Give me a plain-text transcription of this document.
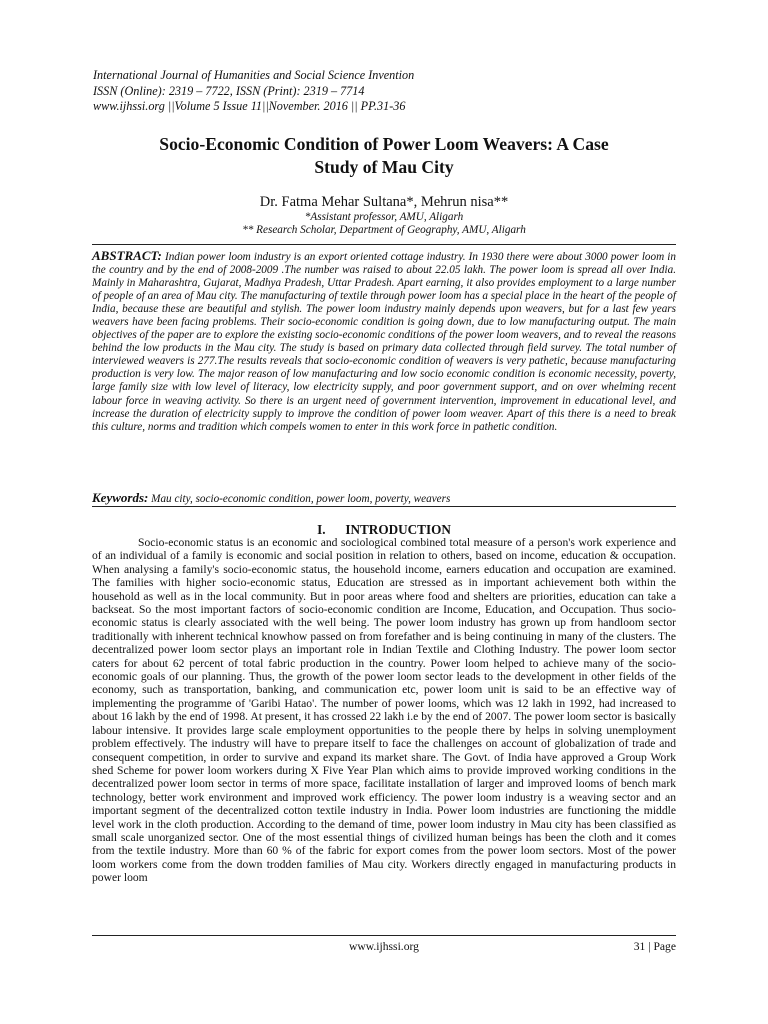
International Journal of Humanities and Social Science Invention
ISSN (Online): 2319 – 7722, ISSN (Print): 2319 – 7714
www.ijhssi.org ||Volume 5 Issue 11||November. 2016 || PP.31-36
Socio-Economic Condition of Power Loom Weavers: A Case
Study of Mau City
Dr. Fatma Mehar Sultana*, Mehrun nisa**
*Assistant professor, AMU, Aligarh
** Research Scholar, Department of Geography, AMU, Aligarh
ABSTRACT: Indian power loom industry is an export oriented cottage industry. In 1930 there were about 3000 power loom in the country and by the end of 2008-2009 .The number was raised to about 22.05 lakh. The power loom is spread all over India. Mainly in Maharashtra, Gujarat, Madhya Pradesh, Uttar Pradesh. Apart earning, it also provides employment to a large number of people of an area of Mau city. The manufacturing of textile through power loom has a special place in the heart of the people of India, because these are beautiful and stylish. The power loom industry mainly depends upon weavers, but for a last few years weavers have been facing problems. Their socio-economic condition is going down, due to low manufacturing output. The main objectives of the paper are to explore the existing socio-economic conditions of the power loom weavers, and to reveal the reasons behind the low products in the Mau city. The study is based on primary data collected through field survey. The total number of interviewed weavers is 277.The results reveals that socio-economic condition of weavers is very pathetic, because manufacturing production is very low. The major reason of low manufacturing and low socio economic condition is economic necessity, poverty, large family size with low level of literacy, low electricity supply, and poor government support, and on over whelming recent labour force in weaving activity. So there is an urgent need of government intervention, improvement in educational level, and increase the duration of electricity supply to improve the condition of power loom weaver. Apart of this there is a need to break this culture, norms and tradition which compels women to enter in this work force in pathetic condition.
Keywords: Mau city, socio-economic condition, power loom, poverty, weavers
I. INTRODUCTION

Socio-economic status is an economic and sociological combined total measure of a person's work experience and of an individual of a family is economic and social position in relation to others, based on income, education & occupation. When analysing a family's socio-economic status, the household income, earners education and occupation are examined. The families with higher socio-economic status, Education are stressed as in important achievement both within the household as well as in the local community. But in poor areas where food and shelters are priorities, education can take a backseat. So the most important factors of socio-economic condition are Income, Education, and Occupation. Thus socio-economic status is clearly associated with the well being. The power loom industry has grown up from handloom sector traditionally with inherent technical knowhow passed on from forefather and is being continuing in many of the clusters. The decentralized power loom sector plays an important role in Indian Textile and Clothing Industry. The power loom sector caters for about 62 percent of total fabric production in the country. Power loom helped to achieve many of the socio-economic goals of our planning. Thus, the growth of the power loom sector leads to the development in other fields of the economy, such as transportation, banking, and communication etc, power loom unit is said to be an effective way of implementing the programme of 'Garibi Hatao'. The number of power looms, which was 12 lakh in 1992, had increased to about 16 lakh by the end of 1998. At present, it has crossed 22 lakh i.e by the end of 2007. The power loom sector is basically labour intensive. It provides large scale employment opportunities to the people there by helps in solving unemployment problem effectively. The industry will have to prepare itself to face the challenges on account of globalization of trade and consequent competition, in order to survive and expand its market share. The Govt. of India have approved a Group Work shed Scheme for power loom workers during X Five Year Plan which aims to provide improved working conditions in the decentralized power loom sector in terms of more space, facilitate installation of larger and improved looms of bench mark technology, better work environment and improved work efficiency. The power loom industry is a weaving sector and an important segment of the decentralized cotton textile industry in India. Power loom industries are functioning the middle level work in the cloth production. According to the demand of time, power loom industry in Mau city has been classified as small scale unorganized sector. One of the most essential things of civilized human beings has been the cloth and it comes from the textile industry. More than 60 % of the fabric for export comes from the power loom sectors. Most of the power loom workers come from the down trodden families of Mau city. Workers directly engaged in manufacturing products in power loom

www.ijhssi.org	31 | Page
